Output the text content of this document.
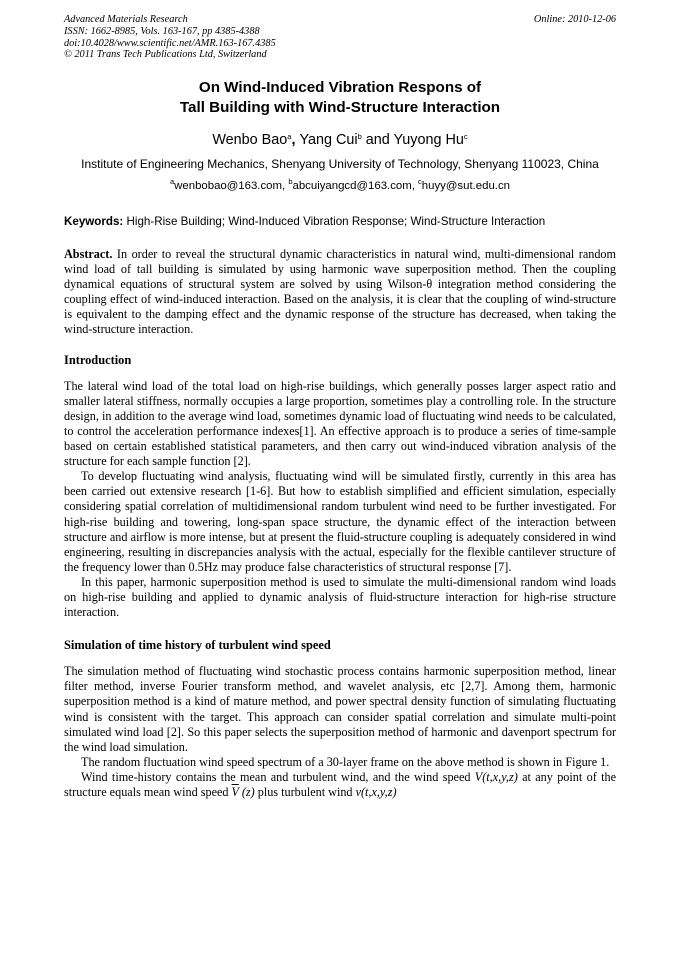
Advanced Materials Research
ISSN: 1662-8985, Vols. 163-167, pp 4385-4388
doi:10.4028/www.scientific.net/AMR.163-167.4385
© 2011 Trans Tech Publications Ltd, Switzerland
Online: 2010-12-06
On Wind-Induced Vibration Respons of
Tall Building with Wind-Structure Interaction
Wenbo Bao$^a$, Yang Cui$^b$ and Yuyong Hu$^c$
Institute of Engineering Mechanics, Shenyang University of Technology, Shenyang 110023, China
$^a$wenbobao@163.com, $^b$abcuiyangcd@163.com, $^c$huyy@sut.edu.cn
Keywords: High-Rise Building; Wind-Induced Vibration Response; Wind-Structure Interaction

Abstract. In order to reveal the structural dynamic characteristics in natural wind, multi-dimensional random wind load of tall building is simulated by using harmonic wave superposition method. Then the coupling dynamical equations of structural system are solved by using Wilson-θ integration method considering the coupling effect of wind-induced interaction. Based on the analysis, it is clear that the coupling of wind-structure is equivalent to the damping effect and the dynamic response of the structure has decreased, when taking the wind-structure interaction.

Introduction

The lateral wind load of the total load on high-rise buildings, which generally posses larger aspect ratio and smaller lateral stiffness, normally occupies a large proportion, sometimes play a controlling role. In the structure design, in addition to the average wind load, sometimes dynamic load of fluctuating wind needs to be calculated, to control the acceleration performance indexes[1]. An effective approach is to produce a series of time-sample based on certain established statistical parameters, and then carry out wind-induced vibration analysis of the structure for each sample function [2].

To develop fluctuating wind analysis, fluctuating wind will be simulated firstly, currently in this area has been carried out extensive research [1-6]. But how to establish simplified and efficient simulation, especially considering spatial correlation of multidimensional random turbulent wind need to be further investigated. For high-rise building and towering, long-span space structure, the dynamic effect of the interaction between structure and airflow is more intense, but at present the fluid-structure coupling is adequately considered in wind engineering, resulting in discrepancies analysis with the actual, especially for the flexible cantilever structure of the frequency lower than 0.5Hz may produce false characteristics of structural response [7].

In this paper, harmonic superposition method is used to simulate the multi-dimensional random wind loads on high-rise building and applied to dynamic analysis of fluid-structure interaction for high-rise structure interaction.

Simulation of time history of turbulent wind speed

The simulation method of fluctuating wind stochastic process contains harmonic superposition method, linear filter method, inverse Fourier transform method, and wavelet analysis, etc [2,7]. Among them, harmonic superposition method is a kind of mature method, and power spectral density function of simulating fluctuating wind is consistent with the target. This approach can consider spatial correlation and simulate multi-point simulated wind load [2]. So this paper selects the superposition method of harmonic and davenport spectrum for the wind load simulation.

The random fluctuation wind speed spectrum of a 30-layer frame on the above method is shown in Figure 1.

Wind time-history contains the mean and turbulent wind, and the wind speed V(t,x,y,z) at any point of the structure equals mean wind speed $\overline{V}$ (z) plus turbulent wind v(t,x,y,z)
